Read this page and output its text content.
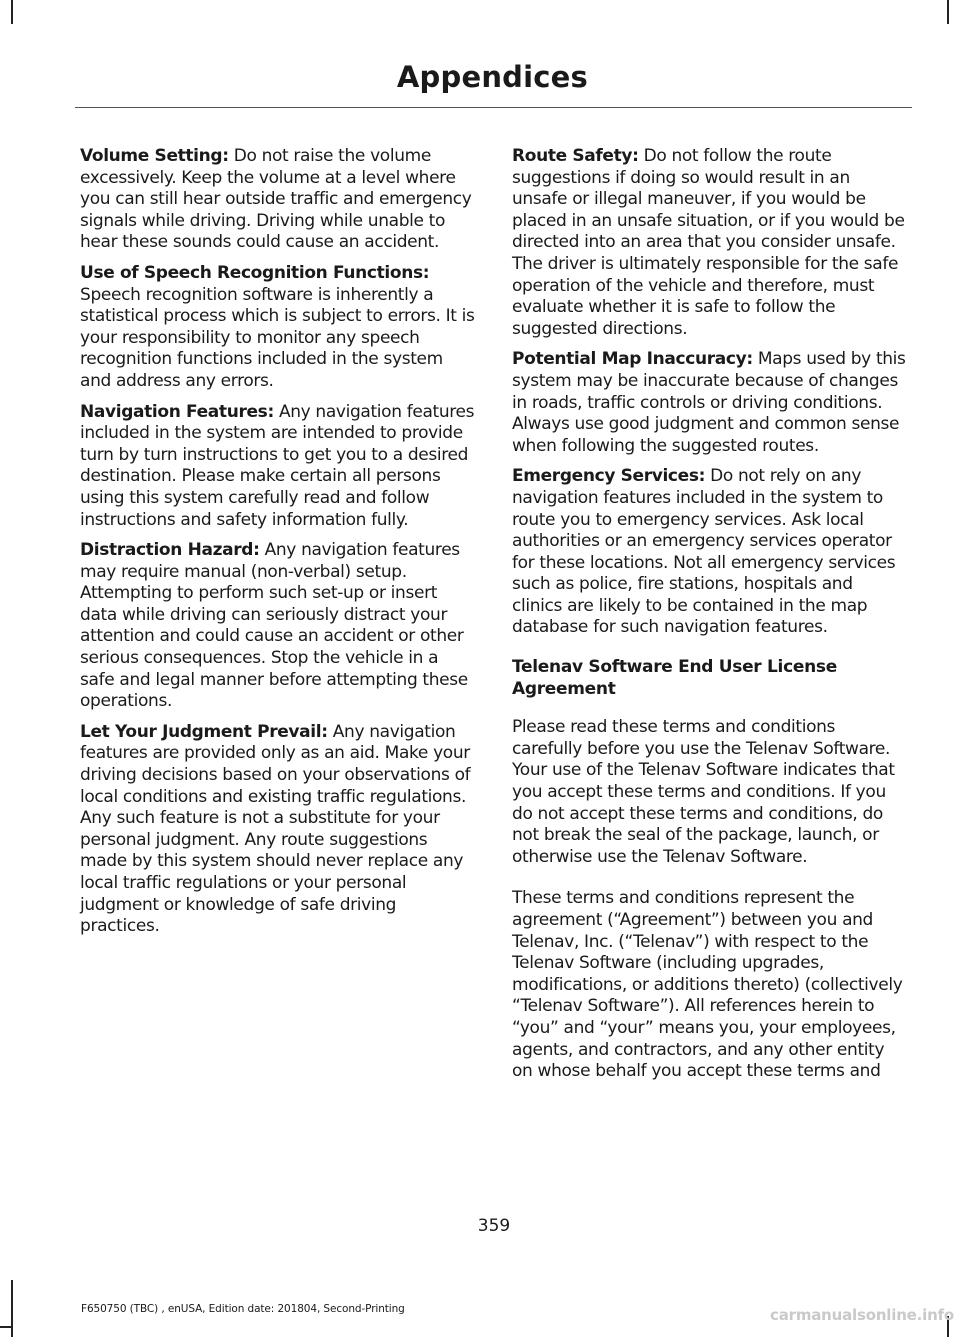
Appendices

Volume Setting: Do not raise the volume excessively. Keep the volume at a level where you can still hear outside traffic and emergency signals while driving. Driving while unable to hear these sounds could cause an accident.

Use of Speech Recognition Functions: Speech recognition software is inherently a statistical process which is subject to errors. It is your responsibility to monitor any speech recognition functions included in the system and address any errors.

Navigation Features: Any navigation features included in the system are intended to provide turn by turn instructions to get you to a desired destination. Please make certain all persons using this system carefully read and follow instructions and safety information fully.

Distraction Hazard: Any navigation features may require manual (non-verbal) setup. Attempting to perform such set-up or insert data while driving can seriously distract your attention and could cause an accident or other serious consequences. Stop the vehicle in a safe and legal manner before attempting these operations.

Let Your Judgment Prevail: Any navigation features are provided only as an aid. Make your driving decisions based on your observations of local conditions and existing traffic regulations. Any such feature is not a substitute for your personal judgment. Any route suggestions made by this system should never replace any local traffic regulations or your personal judgment or knowledge of safe driving practices.

Route Safety: Do not follow the route suggestions if doing so would result in an unsafe or illegal maneuver, if you would be placed in an unsafe situation, or if you would be directed into an area that you consider unsafe. The driver is ultimately responsible for the safe operation of the vehicle and therefore, must evaluate whether it is safe to follow the suggested directions.

Potential Map Inaccuracy: Maps used by this system may be inaccurate because of changes in roads, traffic controls or driving conditions. Always use good judgment and common sense when following the suggested routes.

Emergency Services: Do not rely on any navigation features included in the system to route you to emergency services. Ask local authorities or an emergency services operator for these locations. Not all emergency services such as police, fire stations, hospitals and clinics are likely to be contained in the map database for such navigation features.

Telenav Software End User License Agreement

Please read these terms and conditions carefully before you use the Telenav Software. Your use of the Telenav Software indicates that you accept these terms and conditions. If you do not accept these terms and conditions, do not break the seal of the package, launch, or otherwise use the Telenav Software.

These terms and conditions represent the agreement (“Agreement”) between you and Telenav, Inc. (“Telenav”) with respect to the Telenav Software (including upgrades, modifications, or additions thereto) (collectively “Telenav Software”). All references herein to “you” and “your” means you, your employees, agents, and contractors, and any other entity on whose behalf you accept these terms and

359
F650750 (TBC) , enUSA, Edition date: 201804, Second-Printing	carmanualsonline.info
